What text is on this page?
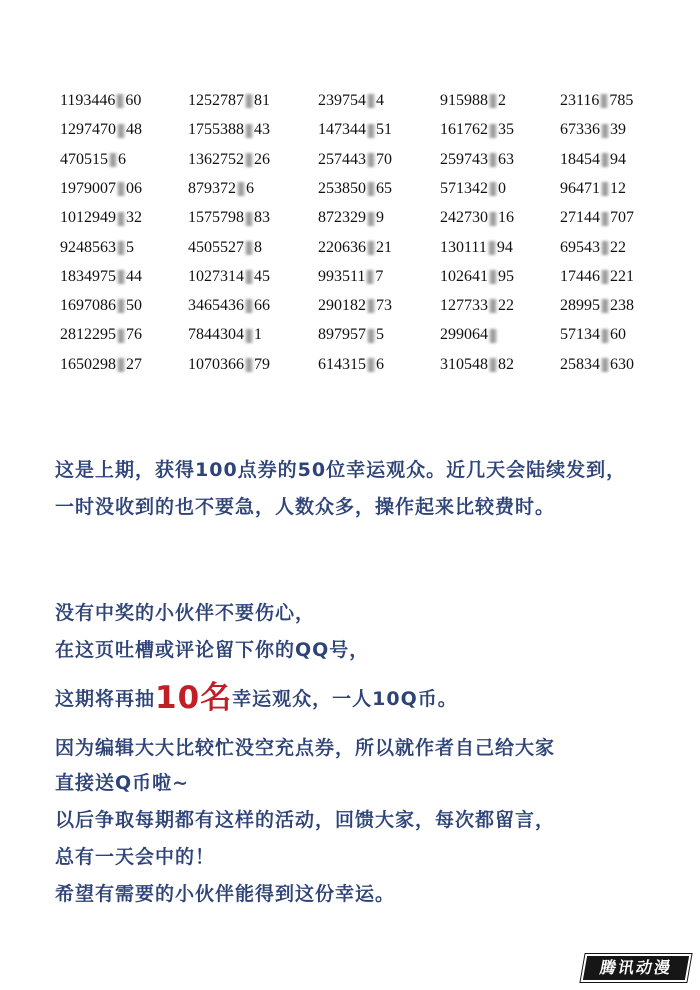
1193446 60	1252787 81	239754 4	915988 2	23116 785
1297470 48	1755388 43	147344 51	161762 35	67336 39
470515 6	1362752 26	257443 70	259743 63	18454 94
1979007 06	879372 6	253850 65	571342 0	96471 12
1012949 32	1575798 83	872329 9	242730 16	27144 707
9248563 5	4505527 8	220636 21	130111 94	69543 22
1834975 44	1027314 45	993511 7	102641 95	17446 221
1697086 50	3465436 66	290182 73	127733 22	28995 238
2812295 76	7844304 1	897957 5	299064	57134 60
1650298 27	1070366 79	614315 6	310548 82	25834 630
这是上期，获得100点券的50位幸运观众。近几天会陆续发到，
一时没收到的也不要急，人数众多，操作起来比较费时。
没有中奖的小伙伴不要伤心，
在这页吐槽或评论留下你的QQ号，
这期将再抽10名幸运观众，一人10Q币。
因为编辑大大比较忙没空充点券，所以就作者自己给大家
直接送Q币啦~
以后争取每期都有这样的活动，回馈大家，每次都留言，
总有一天会中的！
希望有需要的小伙伴能得到这份幸运。
腾讯动漫
